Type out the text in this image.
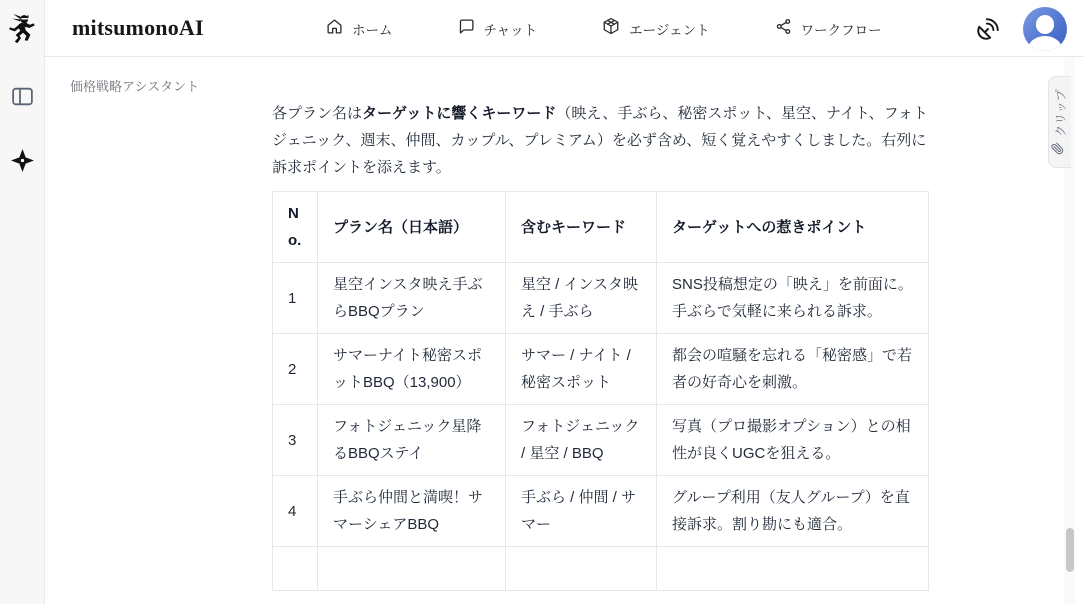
mitsumonoAI	ホーム	チャット	エージェント	ワークフロー
価格戦略アシスタント

各プラン名はターゲットに響くキーワード（映え、手ぶら、秘密スポット、星空、ナイト、フォトジェニック、週末、仲間、カップル、プレミアム）を必ず含め、短く覚えやすくしました。右列に訴求ポイントを添えます。

No.	プラン名（日本語）	含むキーワード	ターゲットへの惹きポイント
1	星空インスタ映え手ぶらBBQプラン	星空 / インスタ映え / 手ぶら	SNS投稿想定の「映え」を前面に。手ぶらで気軽に来られる訴求。
2	サマーナイト秘密スポットBBQ（13,900）	サマー / ナイト / 秘密スポット	都会の喧騒を忘れる「秘密感」で若者の好奇心を刺激。
3	フォトジェニック星降るBBQステイ	フォトジェニック / 星空 / BBQ	写真（プロ撮影オプション）との相性が良くUGCを狙える。
4	手ぶら仲間と満喫！サマーシェアBBQ	手ぶら / 仲間 / サマー	グループ利用（友人グループ）を直接訴求。割り勘にも適合。

クリップ
